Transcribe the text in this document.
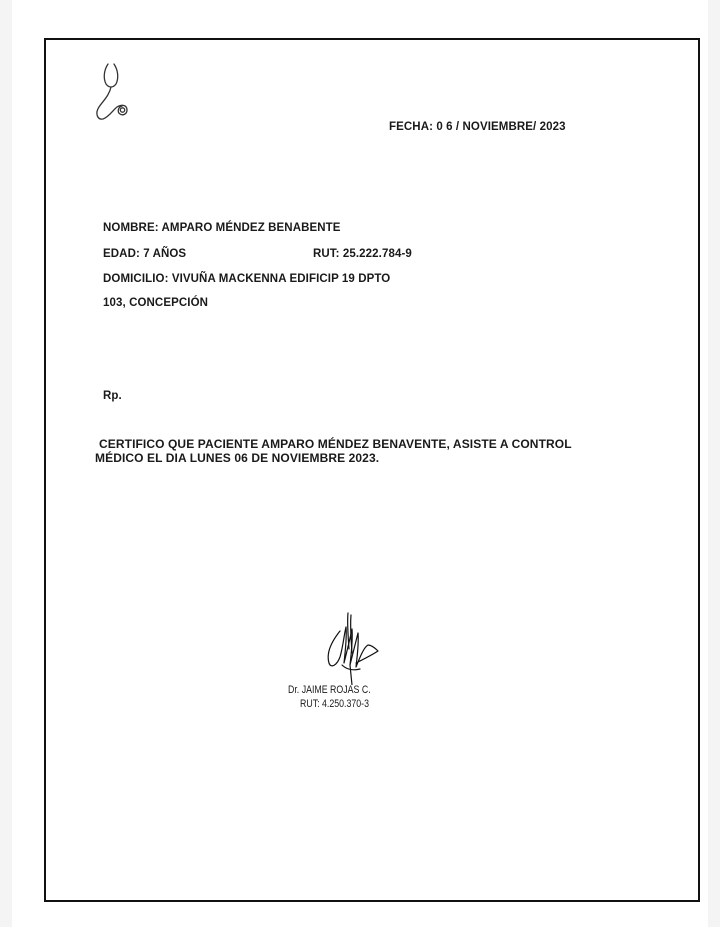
FECHA: 0 6 / NOVIEMBRE/ 2023
NOMBRE: AMPARO MÉNDEZ BENABENTE
EDAD: 7 AÑOS	RUT: 25.222.784-9
DOMICILIO: VIVUÑA MACKENNA EDIFICIP 19 DPTO
103, CONCEPCIÓN
Rp.
CERTIFICO QUE PACIENTE AMPARO MÉNDEZ BENAVENTE, ASISTE A CONTROL
MÉDICO EL DIA LUNES 06 DE NOVIEMBRE 2023.
Dr. JAIME ROJAS C.
RUT: 4.250.370-3
